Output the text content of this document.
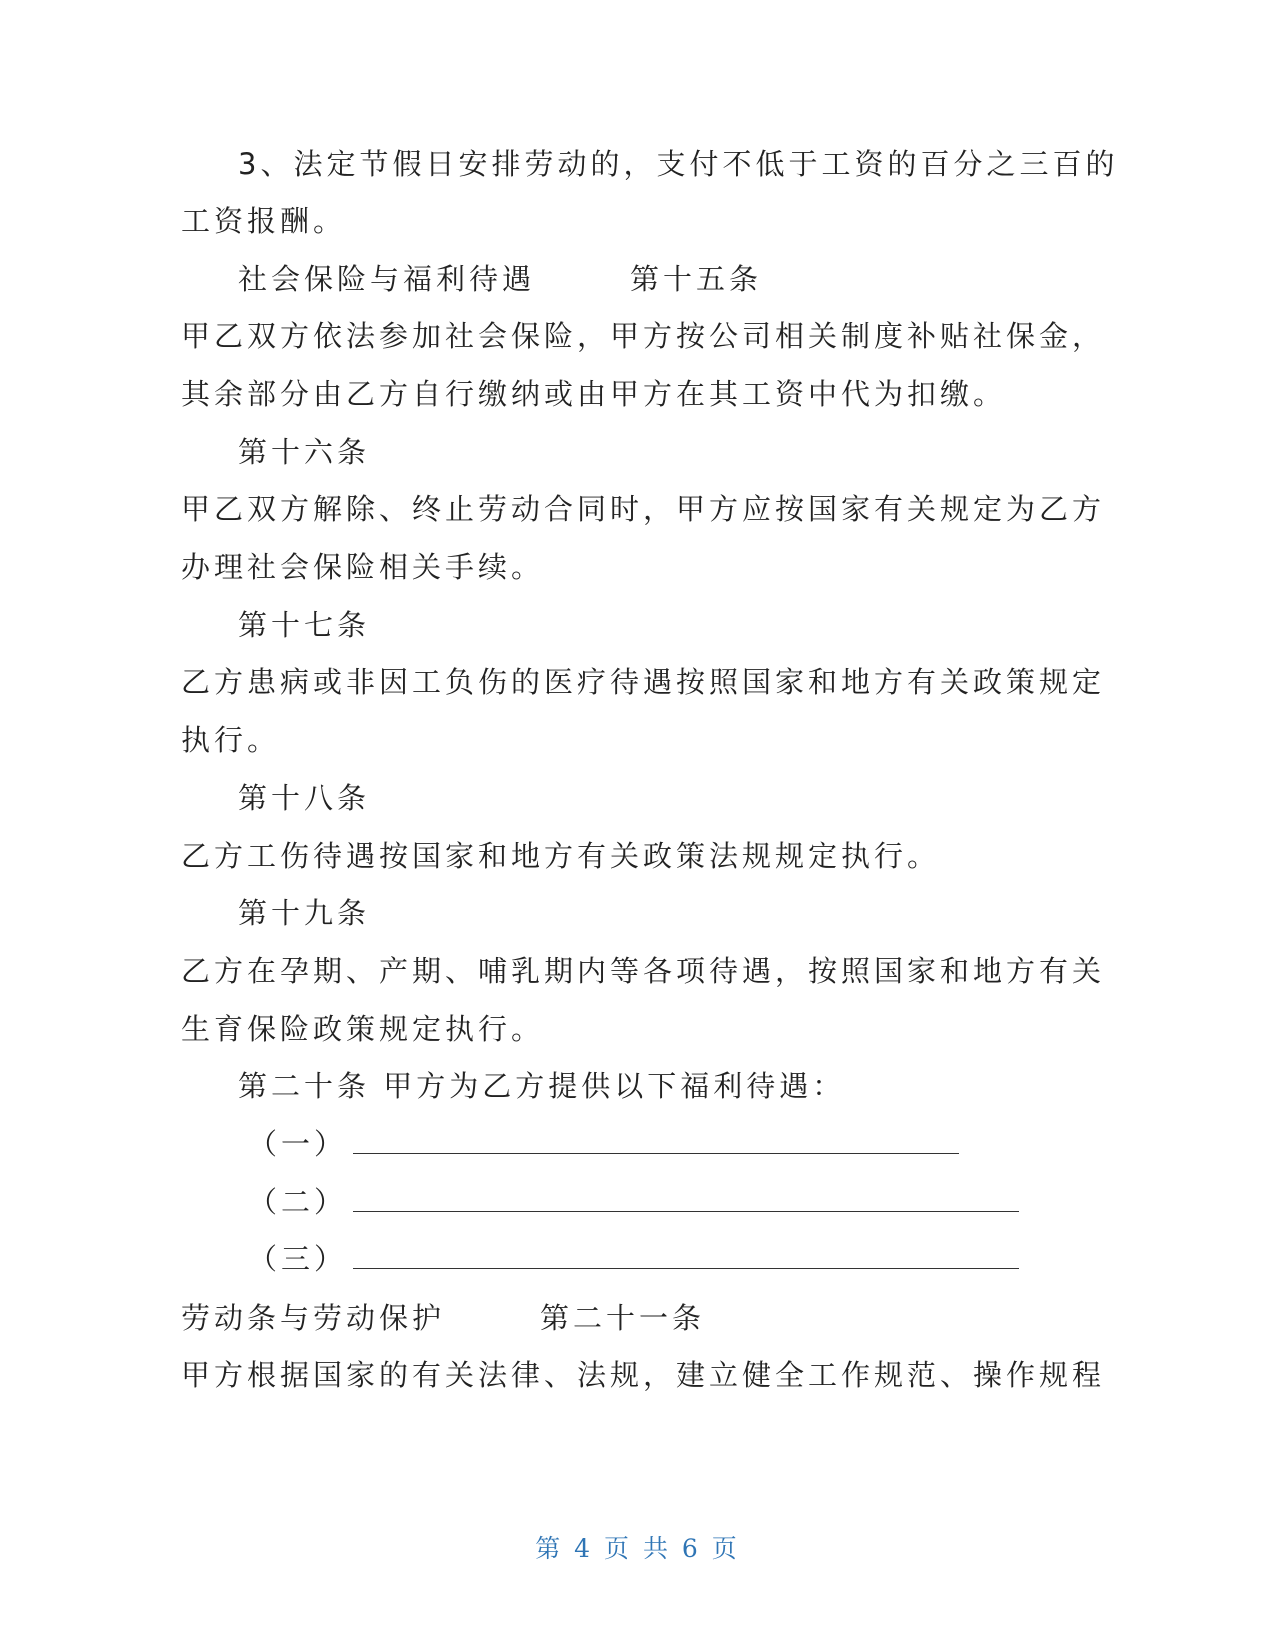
3、法定节假日安排劳动的，支付不低于工资的百分之三百的
工资报酬。
社会保险与福利待遇	第十五条
甲乙双方依法参加社会保险，甲方按公司相关制度补贴社保金，
其余部分由乙方自行缴纳或由甲方在其工资中代为扣缴。
第十六条
甲乙双方解除、终止劳动合同时，甲方应按国家有关规定为乙方
办理社会保险相关手续。
第十七条
乙方患病或非因工负伤的医疗待遇按照国家和地方有关政策规定
执行。
第十八条
乙方工伤待遇按国家和地方有关政策法规规定执行。
第十九条
乙方在孕期、产期、哺乳期内等各项待遇，按照国家和地方有关
生育保险政策规定执行。
第二十条 甲方为乙方提供以下福利待遇：
（一）
（二）
（三）
劳动条与劳动保护	第二十一条
甲方根据国家的有关法律、法规，建立健全工作规范、操作规程
第 4 页 共 6 页
